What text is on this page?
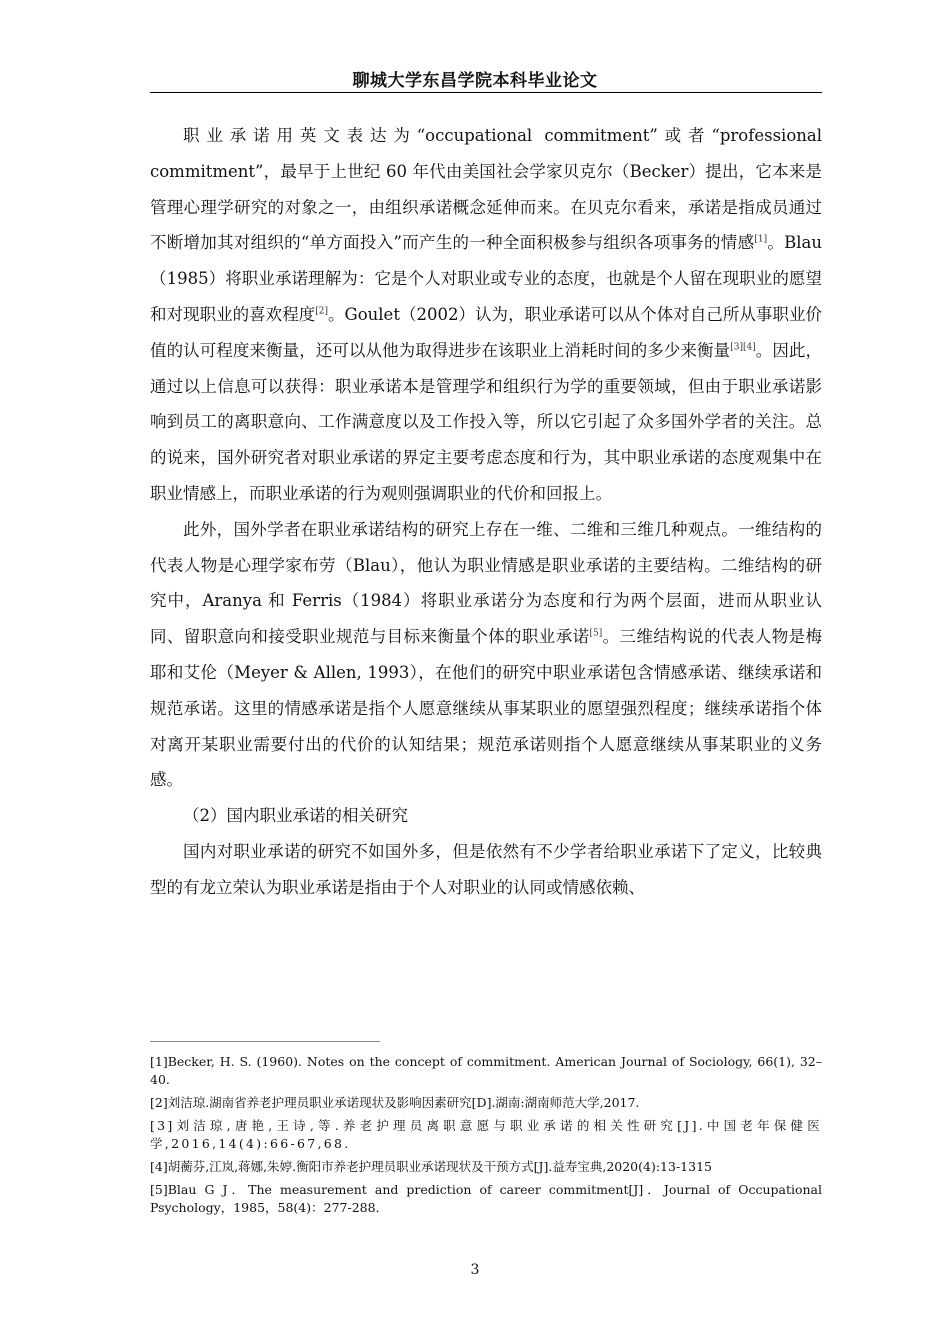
聊城大学东昌学院本科毕业论文

职业承诺用英文表达为“occupational commitment”或者“professional commitment”，最早于上世纪 60 年代由美国社会学家贝克尔（Becker）提出，它本来是管理心理学研究的对象之一，由组织承诺概念延伸而来。在贝克尔看来，承诺是指成员通过不断增加其对组织的“单方面投入”而产生的一种全面积极参与组织各项事务的情感[1]。Blau（1985）将职业承诺理解为：它是个人对职业或专业的态度，也就是个人留在现职业的愿望和对现职业的喜欢程度[2]。Goulet（2002）认为，职业承诺可以从个体对自己所从事职业价值的认可程度来衡量，还可以从他为取得进步在该职业上消耗时间的多少来衡量[3][4]。因此，通过以上信息可以获得：职业承诺本是管理学和组织行为学的重要领域，但由于职业承诺影响到员工的离职意向、工作满意度以及工作投入等，所以它引起了众多国外学者的关注。总的说来，国外研究者对职业承诺的界定主要考虑态度和行为，其中职业承诺的态度观集中在职业情感上，而职业承诺的行为观则强调职业的代价和回报上。

此外，国外学者在职业承诺结构的研究上存在一维、二维和三维几种观点。一维结构的代表人物是心理学家布劳（Blau），他认为职业情感是职业承诺的主要结构。二维结构的研究中，Aranya 和 Ferris（1984）将职业承诺分为态度和行为两个层面，进而从职业认同、留职意向和接受职业规范与目标来衡量个体的职业承诺[5]。三维结构说的代表人物是梅耶和艾伦（Meyer & Allen, 1993），在他们的研究中职业承诺包含情感承诺、继续承诺和规范承诺。这里的情感承诺是指个人愿意继续从事某职业的愿望强烈程度；继续承诺指个体对离开某职业需要付出的代价的认知结果；规范承诺则指个人愿意继续从事某职业的义务感。

（2）国内职业承诺的相关研究

国内对职业承诺的研究不如国外多，但是依然有不少学者给职业承诺下了定义，比较典型的有龙立荣认为职业承诺是指由于个人对职业的认同或情感依赖、

[1]Becker, H. S. (1960). Notes on the concept of commitment. American Journal of Sociology, 66(1), 32–40.

[2]刘洁琼.湖南省养老护理员职业承诺现状及影响因素研究[D].湖南:湖南师范大学,2017.

[3]刘洁琼,唐艳,王诗,等.养老护理员离职意愿与职业承诺的相关性研究[J].中国老年保健医学,2016,14(4):66-67,68.

[4]胡蘅芬,江岚,蒋娜,朱婷.衡阳市养老护理员职业承诺现状及干预方式[J].益寿宝典,2020(4):13-1315

[5]Blau G J．The measurement and prediction of career commitment[J]．Journal of Occupational Psychology，1985，58(4)：277-288．

3
